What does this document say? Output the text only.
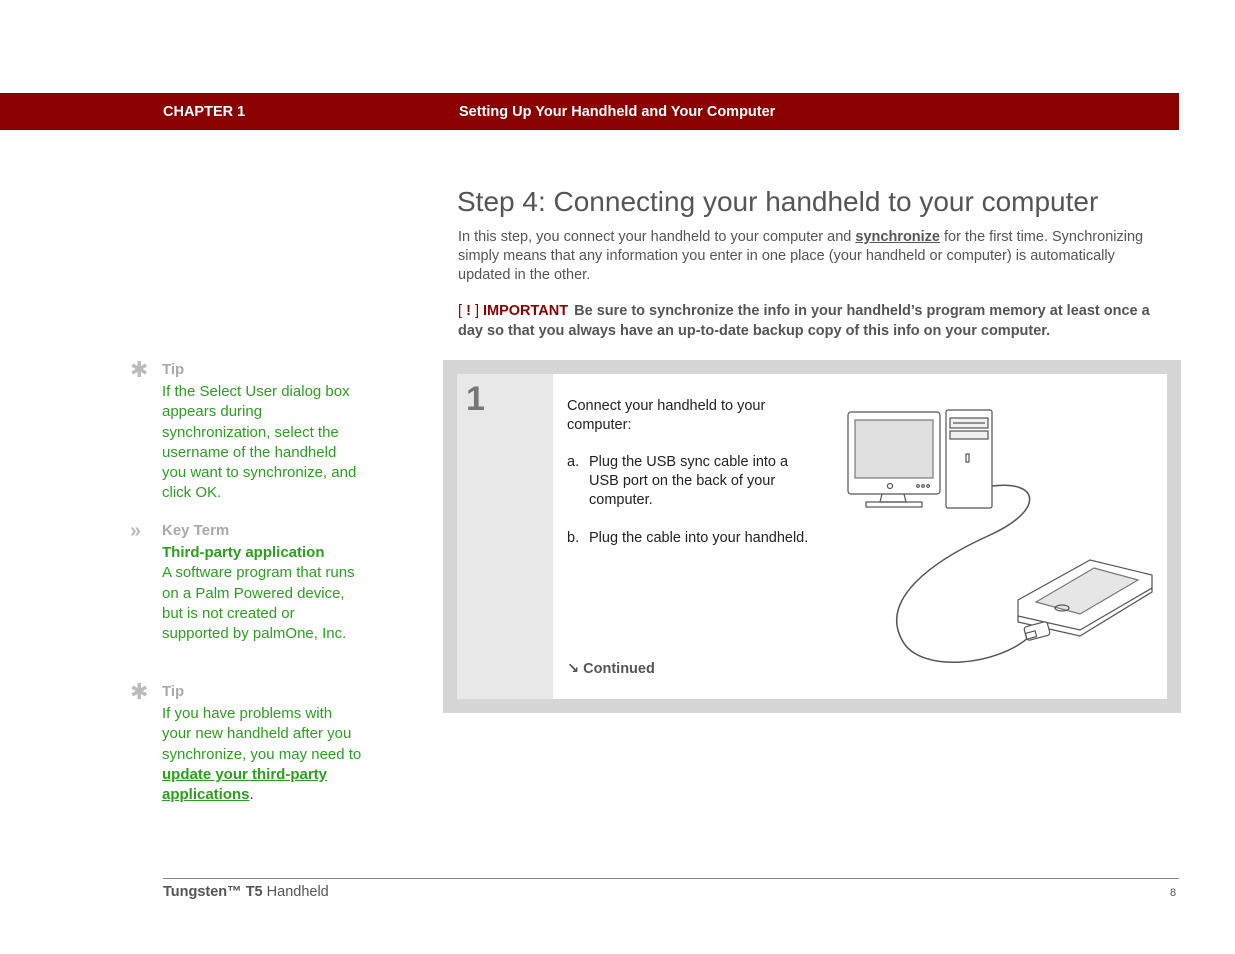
CHAPTER 1	Setting Up Your Handheld and Your Computer
Step 4: Connecting your handheld to your computer
In this step, you connect your handheld to your computer and synchronize for the first time. Synchronizing simply means that any information you enter in one place (your handheld or computer) is automatically updated in the other.
[ ! ] IMPORTANT Be sure to synchronize the info in your handheld’s program memory at least once a day so that you always have an up-to-date backup copy of this info on your computer.
✱ Tip
If the Select User dialog box appears during synchronization, select the username of the handheld you want to synchronize, and click OK.
»	Key Term
Third-party application
A software program that runs on a Palm Powered device, but is not created or supported by palmOne, Inc.
✱ Tip
If you have problems with your new handheld after you synchronize, you may need to update your third-party applications.
1	Connect your handheld to your computer:

a. Plug the USB sync cable into a USB port on the back of your computer.
b. Plug the cable into your handheld.
↘ Continued
Tungsten™ T5 Handheld	8
